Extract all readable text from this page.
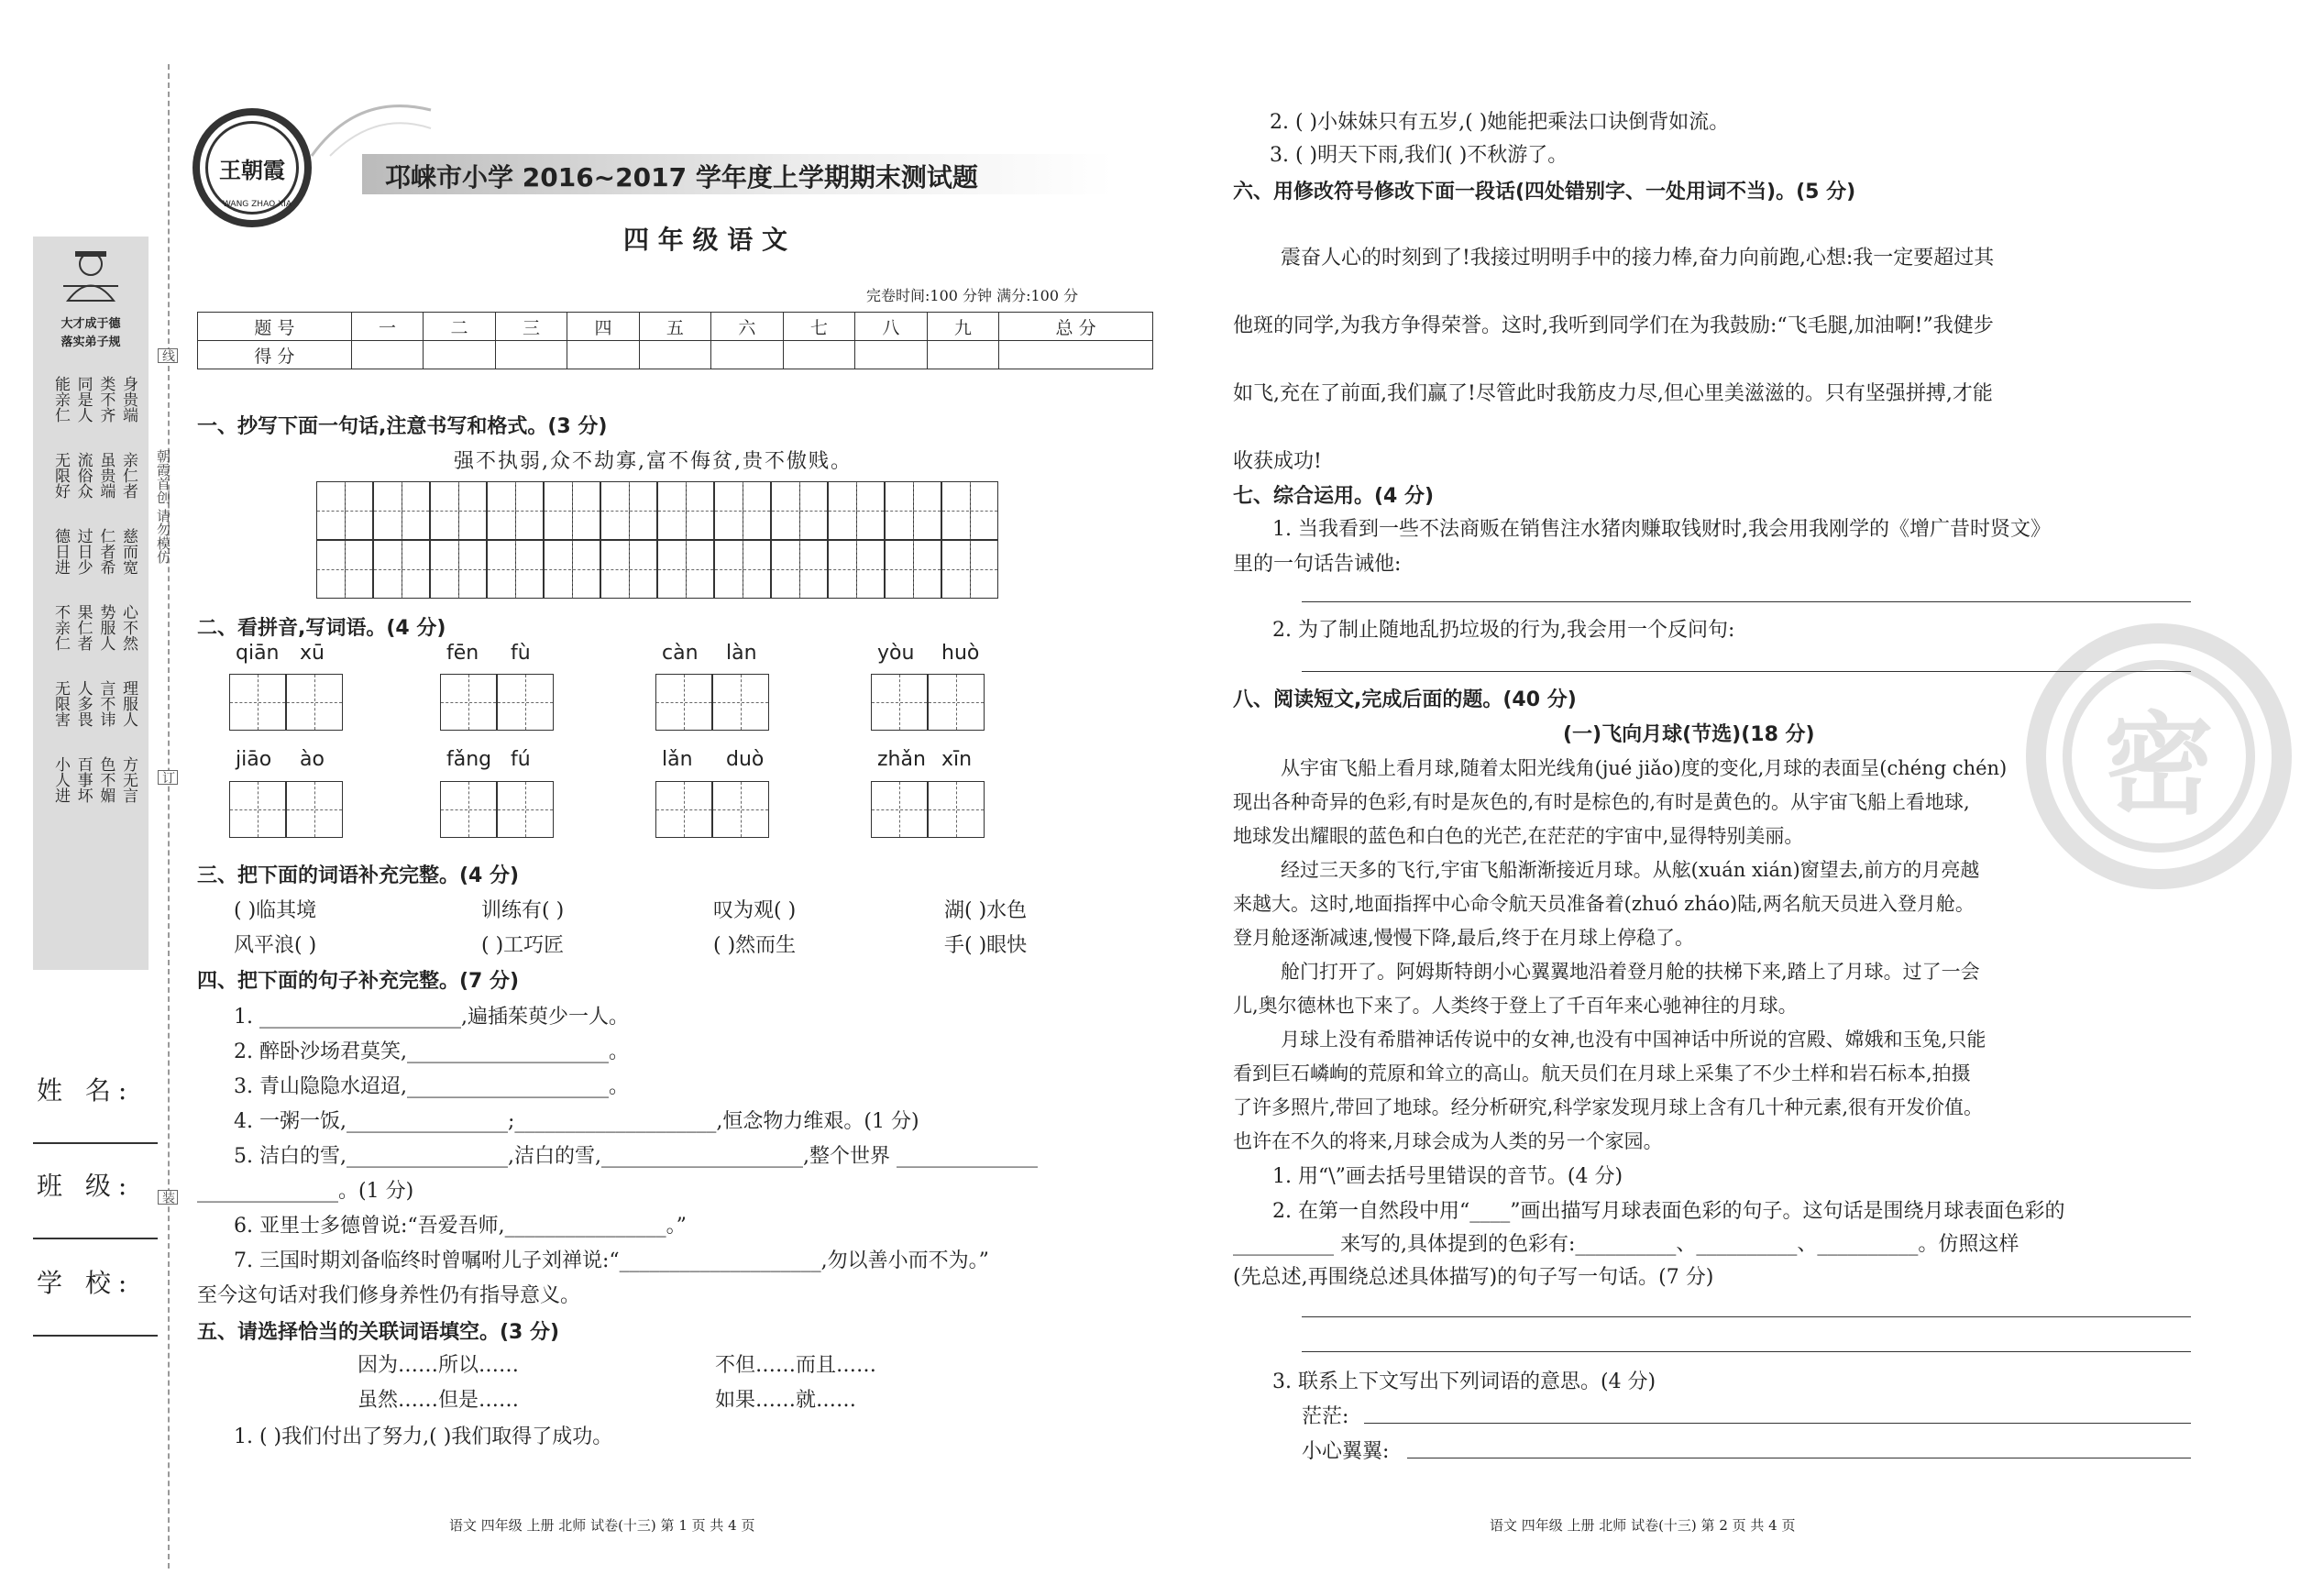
大才成于德
落实弟子规
能亲仁 同是人 类不齐 身贵端
无限好 流俗众 虽贵端 亲仁者
德日进 过日少 仁者希 慈而宽
不亲仁 果仁者 势服人 心不然
无限害 人多畏 言不讳 理服人
小人进 百事坏 色不媚 方无言
朝霞首创 请勿模仿
线
订
装
姓 名:
班 级:
学 校:
王朝霞
WANG ZHAO XIA
邛崃市小学 2016~2017 学年度上学期期末测试题
四 年 级 语 文
完卷时间:100 分钟 满分:100 分
题 号	一	二	三	四	五	六	七	八	九	总 分
得 分										
一、抄写下面一句话,注意书写和格式。(3 分)
强不执弱,众不劫寡,富不侮贫,贵不傲贱。
二、看拼音,写词语。(4 分)
qiān xū	fēn fù	càn làn	yòu huò
jiāo ào	fǎng fú	lǎn duò	zhǎn xīn
三、把下面的词语补充完整。(4 分)
( )临其境	训练有( )	叹为观( )	湖( )水色
风平浪( )	( )工巧匠	( )然而生	手( )眼快
四、把下面的句子补充完整。(7 分)
1. ____________________,遍插茱萸少一人。
2. 醉卧沙场君莫笑,____________________。
3. 青山隐隐水迢迢,____________________。
4. 一粥一饭,________________;____________________,恒念物力维艰。(1 分)
5. 洁白的雪,________________,洁白的雪,____________________,整个世界 ______________
______________。(1 分)
6. 亚里士多德曾说:“吾爱吾师,________________。”
7. 三国时期刘备临终时曾嘱咐儿子刘禅说:“____________________,勿以善小而不为。”
至今这句话对我们修身养性仍有指导意义。
五、请选择恰当的关联词语填空。(3 分)
因为……所以……	不但……而且……
虽然……但是……	如果……就……
1. ( )我们付出了努力,( )我们取得了成功。
语文 四年级 上册 北师 试卷(十三) 第 1 页 共 4 页
密
2. ( )小妹妹只有五岁,( )她能把乘法口诀倒背如流。
3. ( )明天下雨,我们( )不秋游了。
六、用修改符号修改下面一段话(四处错别字、一处用词不当)。(5 分)
震奋人心的时刻到了!我接过明明手中的接力棒,奋力向前跑,心想:我一定要超过其
他斑的同学,为我方争得荣誉。这时,我听到同学们在为我鼓励:“飞毛腿,加油啊!”我健步
如飞,充在了前面,我们赢了!尽管此时我筋皮力尽,但心里美滋滋的。只有坚强拼搏,才能
收获成功!
七、综合运用。(4 分)
1. 当我看到一些不法商贩在销售注水猪肉赚取钱财时,我会用我刚学的《增广昔时贤文》
里的一句话告诫他:
2. 为了制止随地乱扔垃圾的行为,我会用一个反问句:
八、阅读短文,完成后面的题。(40 分)
(一)飞向月球(节选)(18 分)
从宇宙飞船上看月球,随着太阳光线角(jué jiǎo)度的变化,月球的表面呈(chéng chén)
现出各种奇异的色彩,有时是灰色的,有时是棕色的,有时是黄色的。从宇宙飞船上看地球,
地球发出耀眼的蓝色和白色的光芒,在茫茫的宇宙中,显得特别美丽。
经过三天多的飞行,宇宙飞船渐渐接近月球。从舷(xuán xián)窗望去,前方的月亮越
来越大。这时,地面指挥中心命令航天员准备着(zhuó zháo)陆,两名航天员进入登月舱。
登月舱逐渐减速,慢慢下降,最后,终于在月球上停稳了。
舱门打开了。阿姆斯特朗小心翼翼地沿着登月舱的扶梯下来,踏上了月球。过了一会
儿,奥尔德林也下来了。人类终于登上了千百年来心驰神往的月球。
月球上没有希腊神话传说中的女神,也没有中国神话中所说的宫殿、嫦娥和玉兔,只能
看到巨石嶙峋的荒原和耸立的高山。航天员们在月球上采集了不少土样和岩石标本,拍摄
了许多照片,带回了地球。经分析研究,科学家发现月球上含有几十种元素,很有开发价值。
也许在不久的将来,月球会成为人类的另一个家园。
1. 用“\”画去括号里错误的音节。(4 分)
2. 在第一自然段中用“____”画出描写月球表面色彩的句子。这句话是围绕月球表面色彩的
__________ 来写的,具体提到的色彩有:__________、__________、__________。仿照这样
(先总述,再围绕总述具体描写)的句子写一句话。(7 分)
3. 联系上下文写出下列词语的意思。(4 分)
茫茫:
小心翼翼:
语文 四年级 上册 北师 试卷(十三) 第 2 页 共 4 页
